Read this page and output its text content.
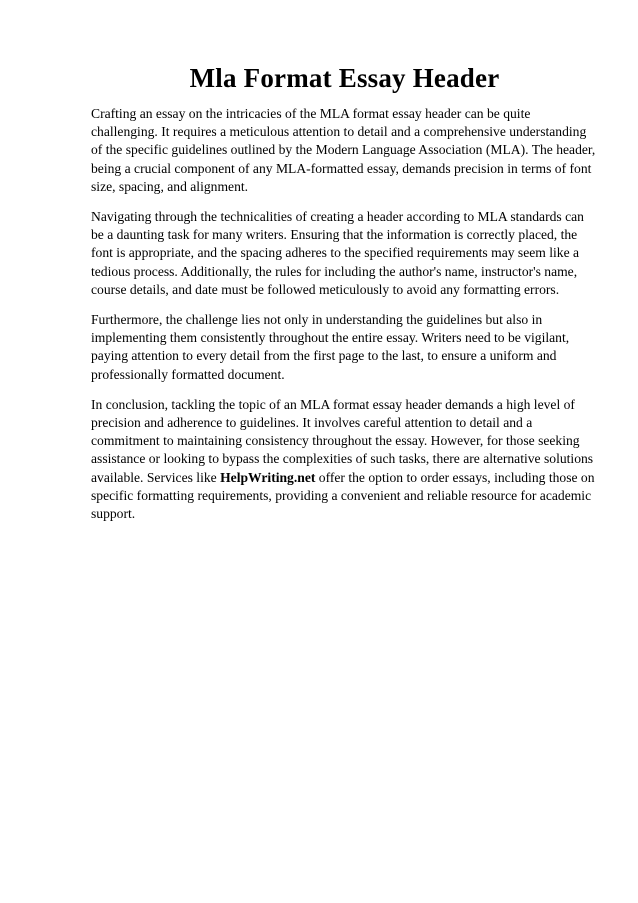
Mla Format Essay Header

Crafting an essay on the intricacies of the MLA format essay header can be quite challenging. It requires a meticulous attention to detail and a comprehensive understanding of the specific guidelines outlined by the Modern Language Association (MLA). The header, being a crucial component of any MLA-formatted essay, demands precision in terms of font size, spacing, and alignment.

Navigating through the technicalities of creating a header according to MLA standards can be a daunting task for many writers. Ensuring that the information is correctly placed, the font is appropriate, and the spacing adheres to the specified requirements may seem like a tedious process. Additionally, the rules for including the author's name, instructor's name, course details, and date must be followed meticulously to avoid any formatting errors.

Furthermore, the challenge lies not only in understanding the guidelines but also in implementing them consistently throughout the entire essay. Writers need to be vigilant, paying attention to every detail from the first page to the last, to ensure a uniform and professionally formatted document.

In conclusion, tackling the topic of an MLA format essay header demands a high level of precision and adherence to guidelines. It involves careful attention to detail and a commitment to maintaining consistency throughout the essay. However, for those seeking assistance or looking to bypass the complexities of such tasks, there are alternative solutions available. Services like HelpWriting.net offer the option to order essays, including those on specific formatting requirements, providing a convenient and reliable resource for academic support.
